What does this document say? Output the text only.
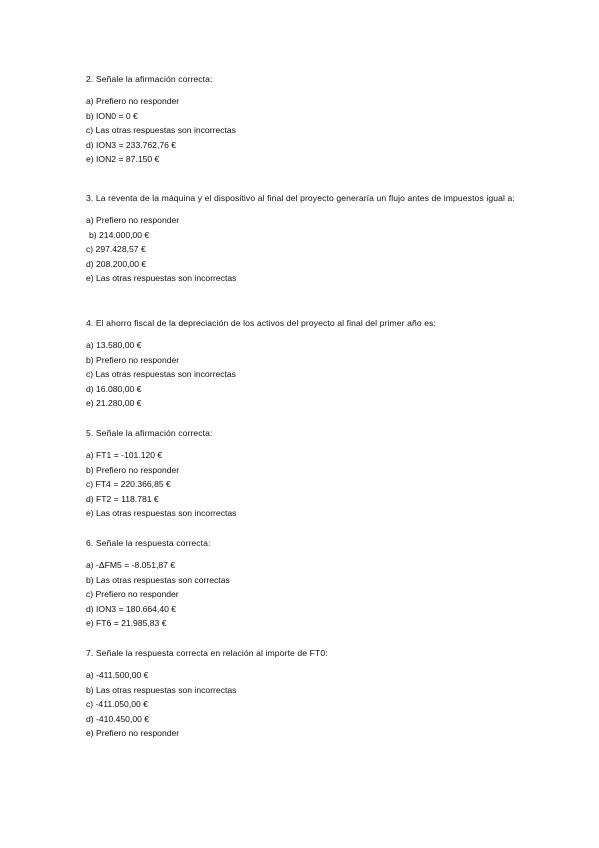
2. Señale la afirmación correcta:
a) Prefiero no responder
b) ION0 = 0 €
c) Las otras respuestas son incorrectas
d) ION3 = 233.762,76 €
e) ION2 = 87.150 €
3. La reventa de la máquina y el dispositivo al final del proyecto generaría un flujo antes de impuestos igual a:
a) Prefiero no responder
b) 214.000,00 €
c) 297.428,57 €
d) 208.200,00 €
e) Las otras respuestas son incorrectas
4. El ahorro fiscal de la depreciación de los activos del proyecto al final del primer año es:
a) 13.580,00 €
b) Prefiero no responder
c) Las otras respuestas son incorrectas
d) 16.080,00 €
e) 21.280,00 €
5. Señale la afirmación correcta:
a) FT1 = -101.120 €
b) Prefiero no responder
c) FT4 = 220.366,85 €
d) FT2 = 118.781 €
e) Las otras respuestas son incorrectas
6. Señale la respuesta correcta:
a) -ΔFM5 = -8.051,87 €
b) Las otras respuestas son correctas
c) Prefiero no responder
d) ION3 = 180.664,40 €
e) FT6 = 21.985,83 €
7. Señale la respuesta correcta en relación al importe de FT0:
a) -411.500,00 €
b) Las otras respuestas son incorrectas
c) -411.050,00 €
d) -410.450,00 €
e) Prefiero no responder
